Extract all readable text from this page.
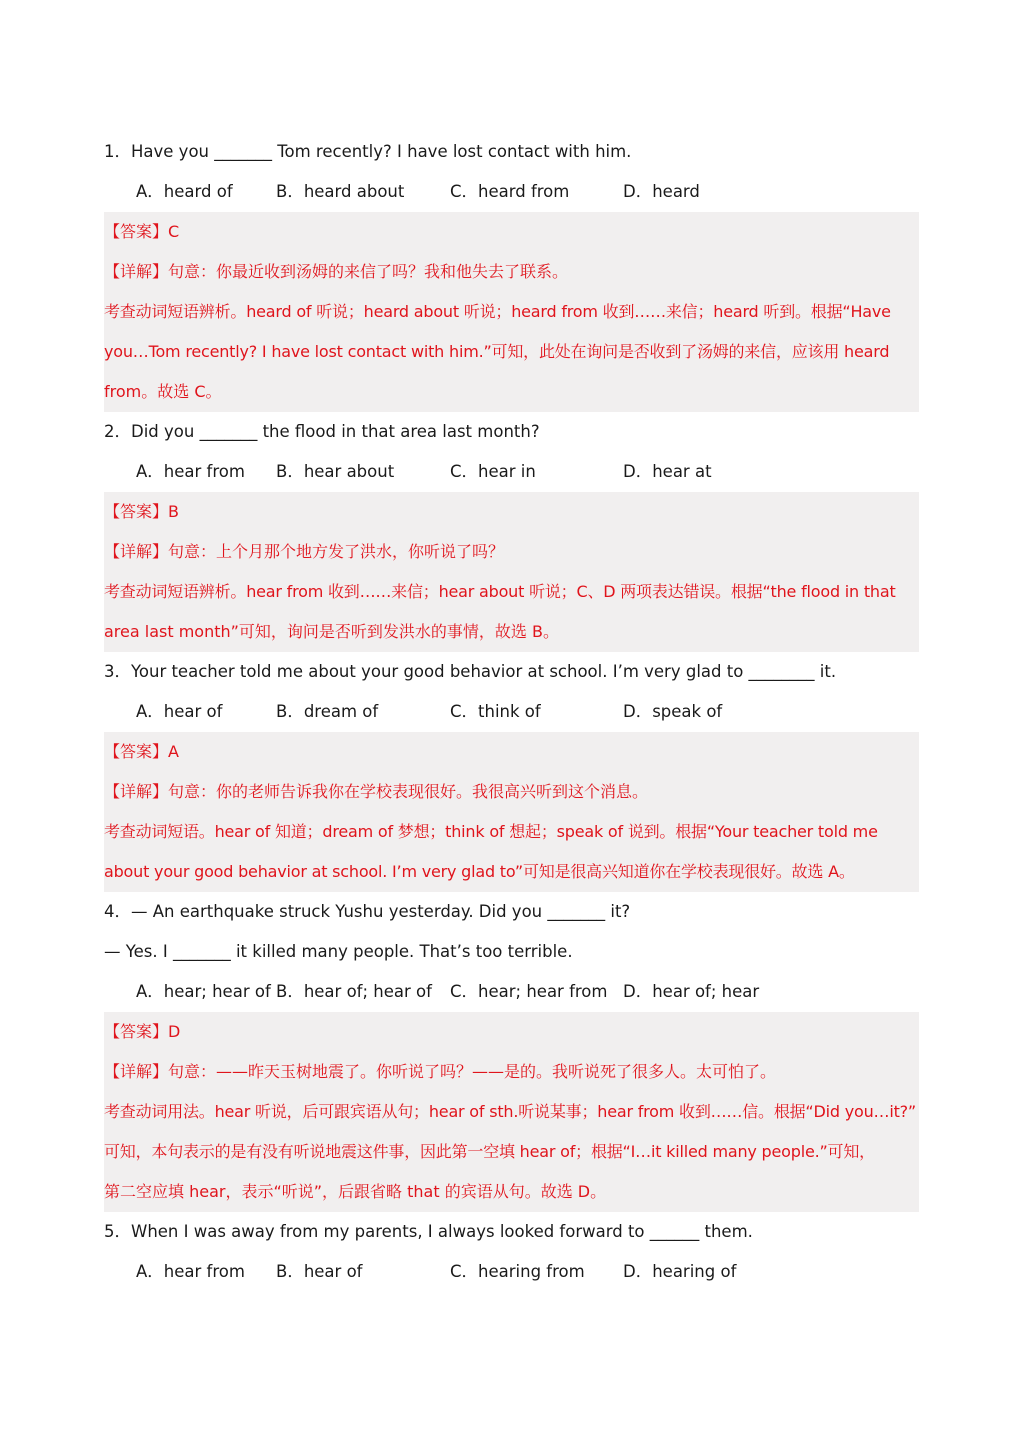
1．Have you _______ Tom recently? I have lost contact with him.
A．heard of	B．heard about	C．heard from	D．heard
【答案】C
【详解】句意：你最近收到汤姆的来信了吗？我和他失去了联系。
考查动词短语辨析。heard of 听说；heard about 听说；heard from 收到……来信；heard 听到。根据“Have
you…Tom recently? I have lost contact with him.”可知，此处在询问是否收到了汤姆的来信，应该用 heard
from。故选 C。
2．Did you _______ the flood in that area last month?
A．hear from B．hear about	C．hear in	D．hear at
【答案】B
【详解】句意：上个月那个地方发了洪水，你听说了吗？
考查动词短语辨析。hear from 收到……来信；hear about 听说；C、D 两项表达错误。根据“the flood in that
area last month”可知，询问是否听到发洪水的事情，故选 B。
3．Your teacher told me about your good behavior at school. I’m very glad to ________ it.
A．hear of	B．dream of	C．think of	D．speak of
【答案】A
【详解】句意：你的老师告诉我你在学校表现很好。我很高兴听到这个消息。
考查动词短语。hear of 知道；dream of 梦想；think of 想起；speak of 说到。根据“Your teacher told me
about your good behavior at school. I’m very glad to”可知是很高兴知道你在学校表现很好。故选 A。
4．— An earthquake struck Yushu yesterday. Did you _______ it?
— Yes. I _______ it killed many people. That’s too terrible.
A．hear; hear of B．hear of; hear of C．hear; hear from D．hear of; hear
【答案】D
【详解】句意：——昨天玉树地震了。你听说了吗？——是的。我听说死了很多人。太可怕了。
考查动词用法。hear 听说，后可跟宾语从句；hear of sth.听说某事；hear from 收到……信。根据“Did you…it?”
可知，本句表示的是有没有听说地震这件事，因此第一空填 hear of；根据“I…it killed many people.”可知，
第二空应填 hear，表示“听说”，后跟省略 that 的宾语从句。故选 D。
5．When I was away from my parents, I always looked forward to ______ them.
A．hear from B．hear of	C．hearing from D．hearing of
